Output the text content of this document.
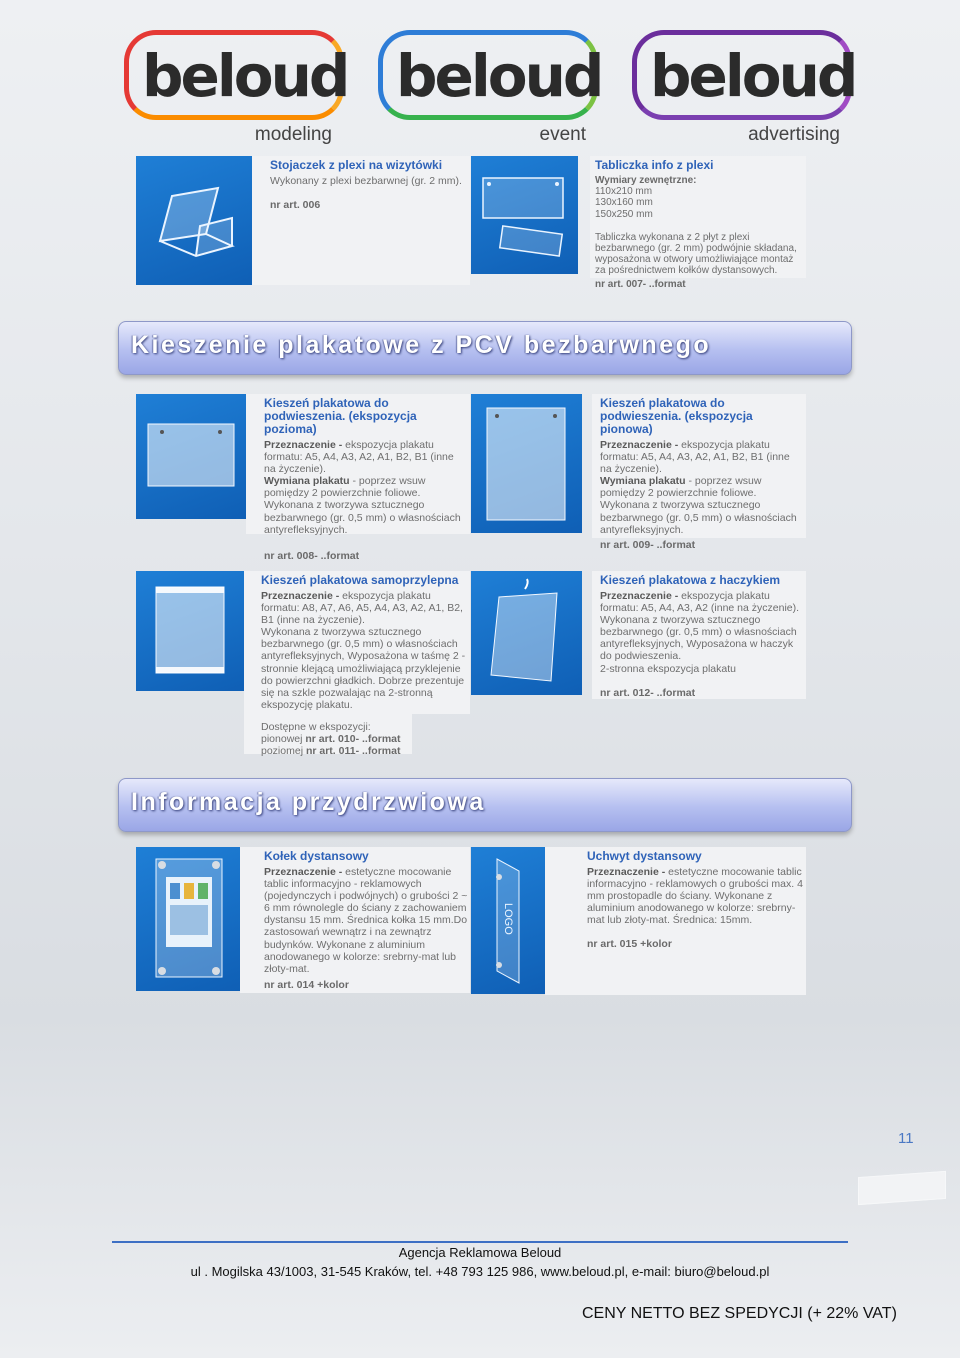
beloud
modeling
beloud
event
beloud
advertising
Stojaczek z plexi na wizytówki
Wykonany z plexi bezbarwnej (gr. 2 mm).
nr art. 006
Tabliczka info z plexi
Wymiary zewnętrzne:
110x210 mm
130x160 mm
150x250 mm
Tabliczka wykonana z 2 płyt z plexi bezbarwnego (gr. 2 mm) podwójnie składana, wyposażona w otwory umożliwiające montaż za pośrednictwem kołków dystansowych.
nr art. 007- ..format
Kieszenie plakatowe z PCV bezbarwnego
Kieszeń plakatowa do podwieszenia. (ekspozycja pozioma)
Przeznaczenie - ekspozycja plakatu formatu: A5, A4, A3, A2, A1, B2, B1 (inne na życzenie).
Wymiana plakatu - poprzez wsuw pomiędzy 2 powierzchnie foliowe. Wykonana z tworzywa sztucznego bezbarwnego (gr. 0,5 mm) o własnościach antyrefleksyjnych.
nr art. 008- ..format
Kieszeń plakatowa do podwieszenia. (ekspozycja pionowa)
Przeznaczenie - ekspozycja plakatu formatu: A5, A4, A3, A2, A1, B2, B1 (inne na życzenie).
Wymiana plakatu - poprzez wsuw pomiędzy 2 powierzchnie foliowe. Wykonana z tworzywa sztucznego bezbarwnego (gr. 0,5 mm) o własnościach antyrefleksyjnych.
nr art. 009- ..format
Kieszeń plakatowa samoprzylepna
Przeznaczenie - ekspozycja plakatu formatu: A8, A7, A6, A5, A4, A3, A2, A1, B2, B1 (inne na życzenie).
Wykonana z tworzywa sztucznego bezbarwnego (gr. 0,5 mm) o własnościach antyrefleksyjnych, Wyposażona w taśmę 2 - stronnie klejącą umożliwiającą przyklejenie do powierzchni gładkich. Dobrze prezentuje się na szkle pozwalając na 2-stronną ekspozycję plakatu.
Dostępne w ekspozycji:
pionowej nr art. 010- ..format
poziomej nr art. 011- ..format
Kieszeń plakatowa z haczykiem
Przeznaczenie - ekspozycja plakatu formatu: A5, A4, A3, A2 (inne na życzenie).
Wykonana z tworzywa sztucznego bezbarwnego (gr. 0,5 mm) o własnościach antyrefleksyjnych, Wyposażona w haczyk do podwieszenia.
2-stronna ekspozycja plakatu
nr art. 012- ..format
Informacja przydrzwiowa
Kołek dystansowy
Przeznaczenie - estetyczne mocowanie tablic informacyjno - reklamowych (pojedynczych i podwójnych) o grubości 2 ~ 6 mm równolegle do ściany z zachowaniem dystansu 15 mm. Średnica kołka 15 mm.Do zastosowań wewnątrz i na zewnątrz budynków. Wykonane z aluminium anodowanego w kolorze: srebrny-mat lub złoty-mat.
nr art. 014 +kolor
LOGO
Uchwyt dystansowy
Przeznaczenie - estetyczne mocowanie tablic informacyjno - reklamowych o grubości max. 4 mm prostopadle do ściany. Wykonane z aluminium anodowanego w kolorze: srebrny-mat lub złoty-mat. Średnica: 15mm.
nr art. 015 +kolor
11
Agencja Reklamowa Beloud
ul . Mogilska 43/1003, 31-545 Kraków, tel. +48 793 125 986, www.beloud.pl, e-mail: biuro@beloud.pl
CENY NETTO BEZ SPEDYCJI (+ 22% VAT)
